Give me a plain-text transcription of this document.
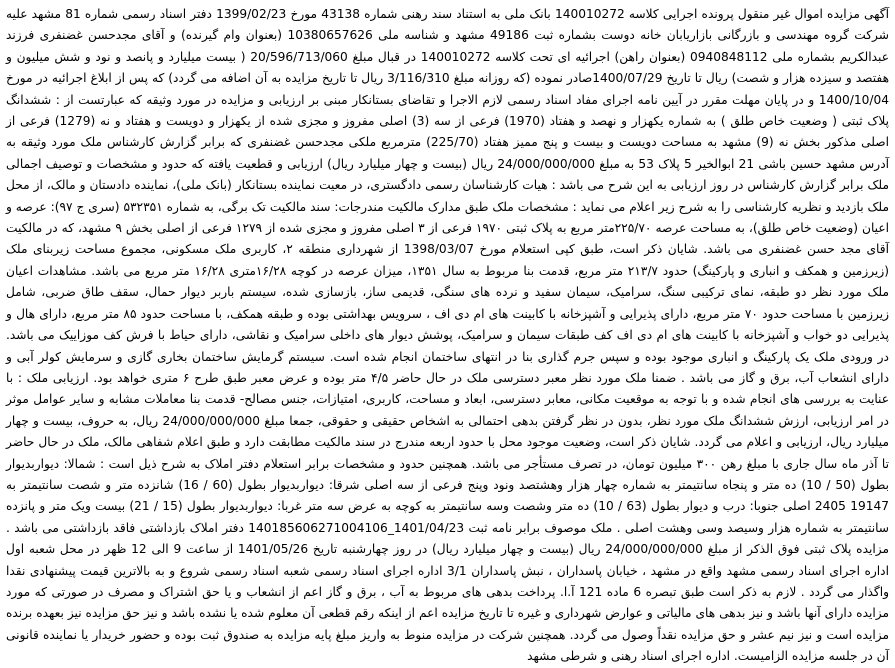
آگهی مزایده اموال غیر منقول پرونده اجرایی کلاسه 140010272 بانک ملی به استناد سند رهنی شماره 43138 مورخ 1399/02/23 دفتر اسناد رسمی شماره 81 مشهد علیه شرکت گروه مهندسی و بازرگانی بازاریابان خانه دوست بشماره ثبت 49186 مشهد و شناسه ملی 10380657626 (بعنوان وام گیرنده) و آقای مجدحسن غضنفری فرزند عبدالکریم بشماره ملی 0940848112 (بعنوان راهن) اجرائیه ای تحت کلاسه 140010272 در قبال مبلغ 20/596/713/060 ( بیست میلیارد و پانصد و نود و شش میلیون و هفتصد و سیزده هزار و شصت) ریال تا تاریخ 1400/07/29صادر نموده (که روزانه مبلغ 3/116/310 ریال تا تاریخ مزایده به آن اضافه می گردد) که پس از ابلاغ اجرائیه در مورخ 1400/10/04 و در پایان مهلت مقرر در آیین نامه اجرای مفاد اسناد رسمی لازم الاجرا و تقاضای بستانکار مبنی بر ارزیابی و مزایده در مورد وثیقه که عبارتست از : ششدانگ پلاک ثبتی ( وضعیت خاص طلق ) به شماره یکهزار و نهصد و هفتاد (1970) فرعی از سه (3) اصلی مفروز و مجزی شده از یکهزار و دویست و هفتاد و نه (1279) فرعی از اصلی مذکور بخش نه (9) مشهد به مساحت دویست و بیست و پنج مميز هفتاد (225/70) مترمربع ملکی مجدحسن غضنفری که برابر گزارش کارشناس ملک مورد وثیقه به آدرس مشهد حسین باشی 21 ابوالخیر 5 پلاک 53 به مبلغ 24/000/000/000 ریال (بیست و چهار میلیارد ریال) ارزیابی و قطعیت یافته که حدود و مشخصات و توصیف اجمالی ملک برابر گزارش کارشناس در روز ارزیابی به این شرح می باشد : هیات کارشناسان رسمی دادگستری، در معیت نماینده بستانکار (بانک ملی)، نماینده دادستان و مالک، از محل ملک بازدید و نظریه کارشناسی را به شرح زیر اعلام می نماید : مشخصات ملک طبق مدارک مالکیت مندرجات: سند مالکیت تک برگی، به شماره ۵۳۲۳۵۱ (سری ج ۹۷): عرصه و اعیان (وضعیت خاص طلق)، به مساحت عرصه ۲۲۵/۷۰متر مربع به پلاک ثبتی ۱۹۷۰ فرعی از ۳ اصلی مفروز و مجزی شده از ۱۲۷۹ فرعی از اصلی بخش ۹ مشهد، که در مالکیت آقای مجد حسن غضنفری می باشد. شایان ذکر است، طبق کپی استعلام مورخ 1398/03/07 از شهرداری منطقه ۲، کاربری ملک مسکونی، مجموع مساحت زیربنای ملک (زیرزمین و همکف و انباری و پارکینگ) حدود ۲۱۳/۷ متر مربع، قدمت بنا مربوط به سال ۱۳۵۱، میزان عرصه در کوچه ۱۶/۲۸متری ۱۶/۲۸ متر مربع می باشد. مشاهدات اعیان ملک مورد نظر دو طبقه، نمای ترکیبی سنگ، سرامیک، سیمان سفید و نرده های سنگی، قدیمی ساز، بازسازی شده، سیستم باربر دیوار حمال، سقف طاق ضربی، شامل زیرزمین با مساحت حدود ۷۰ متر مربع، دارای پذیرایی و آشپزخانه با کابینت های ام دی اف ، سرویس بهداشتی بوده و طبقه همکف، با مساحت حدود ۸۵ متر مربع، دارای هال و پذیرایی دو خواب و آشپزخانه با کابینت های ام دی اف کف طبقات سیمان و سرامیک، پوشش دیوار های داخلی سرامیک و نقاشی، دارای حیاط با فرش کف موزاییک می باشد. در ورودی ملک یک پارکینگ و انباری موجود بوده و سپس جرم گذاری بنا در انتهای ساختمان انجام شده است. سیستم گرمایش ساختمان بخاری گازی و سرمایش کولر آبی و دارای انشعاب آب، برق و گاز می باشد . ضمنا ملک مورد نظر معبر دسترسی ملک در حال حاضر ۴/۵ متر بوده و عرض معبر طبق طرح ۶ متری خواهد بود. ارزیابی ملک : با عنایت به بررسی های انجام شده و با توجه به موقعیت مکانی، معابر دسترسی، ابعاد و مساحت، کاربری، امتیازات، جنس مصالح- قدمت بنا معاملات مشابه و سایر عوامل موثر در امر ارزیابی، ارزش ششدانگ ملک مورد نظر، بدون در نظر گرفتن بدهی احتمالی به اشخاص حقیقی و حقوقی، جمعا مبلغ 24/000/000/000 ریال، به حروف، بیست و چهار میلیارد ریال، ارزیابی و اعلام می گردد. شایان ذکر است، وضعیت موجود محل با حدود اربعه مندرج در سند مالکیت مطابقت دارد و طبق اعلام شفاهی مالک، ملک در حال حاضر تا آذر ماه سال جاری با مبلغ رهن ۳۰۰ میلیون تومان، در تصرف مستأجر می باشد. همچنین حدود و مشخصات برابر استعلام دفتر املاک به شرح ذیل است : شمالا: دیواربدیوار بطول (50 / 10) ده متر و پنجاه سانتیمتر به شماره چهار هزار وهشتصد ونود وپنج فرعی از سه اصلی شرقا: دیواربدیوار بطول (60 / 16) شانزده متر و شصت سانتیمتر به 19147 2405 اصلی جنوبا: درب و دیوار بطول (63 / 10) ده متر وشصت وسه سانتیمتر به کوچه به عرض سه متر غربا: دیواربدیوار بطول (15 / 21) بیست ویک متر و پانزده سانتیمتر به شماره هزار وسیصد وسی وهشت اصلی . ملک موصوف برابر نامه ثبت 1401/04/23_14018560627​1004106 دفتر املاک بازداشتی فاقد بازداشتی می باشد . مزایده پلاک ثبتی فوق الذکر از مبلغ 24/000/000/000 ریال (بیست و چهار میلیارد ریال) در روز چهارشنبه تاریخ 1401/05/26 از ساعت 9 الی 12 ظهر در محل شعبه اول اداره اجرای اسناد رسمی مشهد واقع در مشهد ، خیابان پاسداران ، نبش پاسداران 3/1 اداره اجرای اسناد رسمی شعبه اسناد رسمی شروع و به بالاترین قیمت پیشنهادی نقدا واگذار می گردد . لازم به ذکر است طبق تبصره 6 ماده 121 آ.ا. پرداخت بدهی های مربوط به آب ، برق و گاز اعم از انشعاب و یا حق اشتراک و مصرف در صورتی که مورد مزایده دارای آنها باشد و نیز بدهی های مالیاتی و عوارض شهرداری و غیره تا تاریخ مزایده اعم از اینکه رقم قطعی آن معلوم شده یا نشده باشد و نیز حق مزایده نیز بعهده برنده مزایده است و نیز نیم عشر و حق مزایده نقداً وصول می گردد. همچنین شرکت در مزایده منوط به واریز مبلغ پایه مزایده به صندوق ثبت بوده و حضور خریدار یا نماینده قانونی آن در جلسه مزایده الزامیست. اداره اجرای اسناد رهنی و شرطی مشهد
